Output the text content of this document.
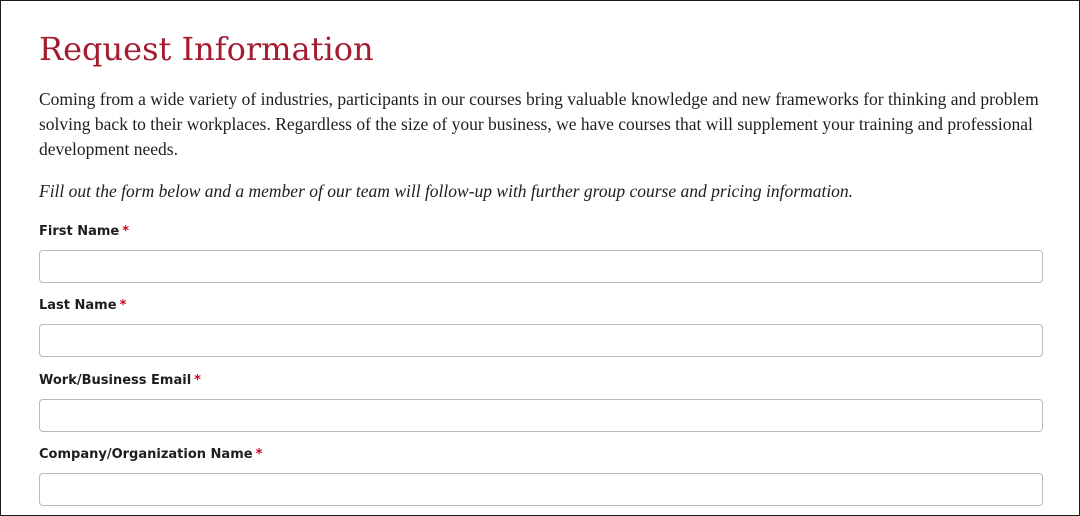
Request Information

Coming from a wide variety of industries, participants in our courses bring valuable knowledge and new frameworks for thinking and problem solving back to their workplaces. Regardless of the size of your business, we have courses that will supplement your training and professional development needs.

Fill out the form below and a member of our team will follow-up with further group course and pricing information.

First Name *
Last Name *
Work/Business Email *
Company/Organization Name *
